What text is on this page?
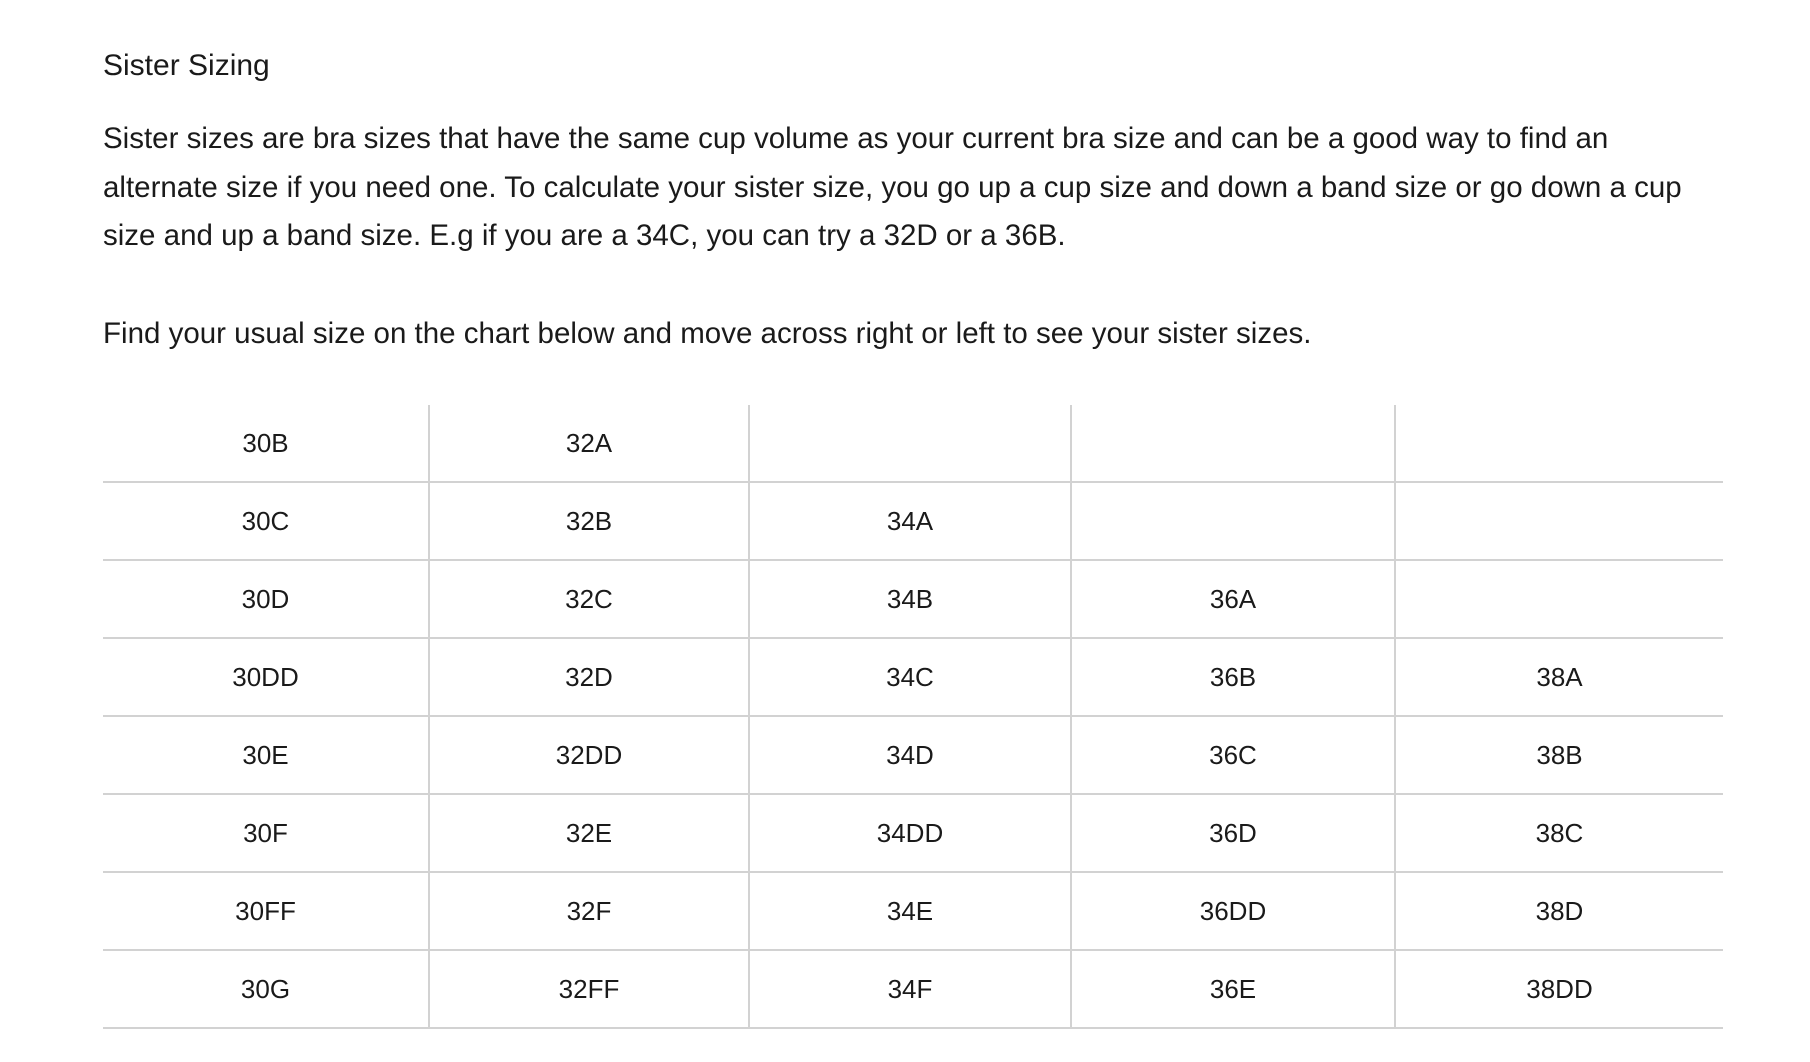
Sister Sizing

Sister sizes are bra sizes that have the same cup volume as your current bra size and can be a good way to find an alternate size if you need one. To calculate your sister size, you go up a cup size and down a band size or go down a cup size and up a band size. E.g if you are a 34C, you can try a 32D or a 36B.

Find your usual size on the chart below and move across right or left to see your sister sizes.

30B	32A			
30C	32B	34A		
30D	32C	34B	36A	
30DD	32D	34C	36B	38A
30E	32DD	34D	36C	38B
30F	32E	34DD	36D	38C
30FF	32F	34E	36DD	38D
30G	32FF	34F	36E	38DD
